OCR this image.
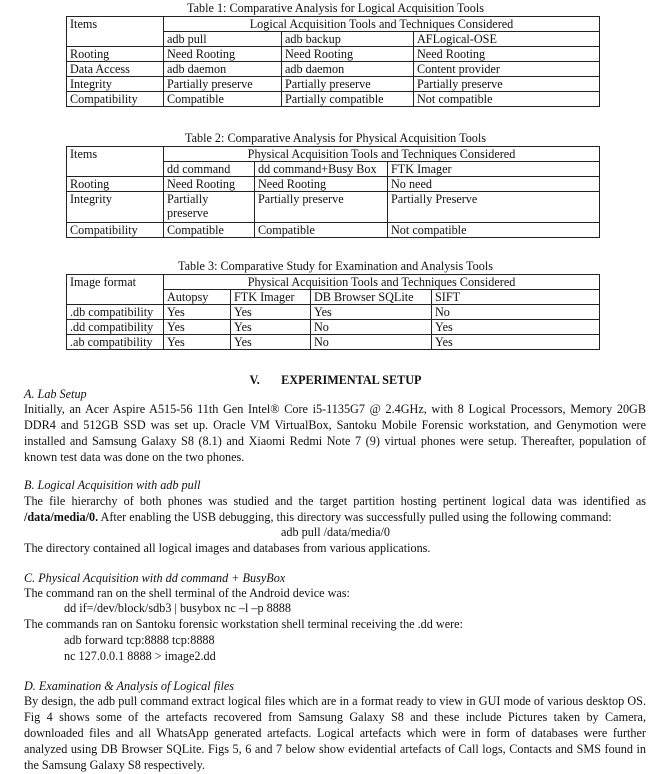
Table 1: Comparative Analysis for Logical Acquisition Tools
Items	Logical Acquisition Tools and Techniques Considered		
	adb pull	adb backup	AFLogical-OSE
Rooting	Need Rooting	Need Rooting	Need Rooting
Data Access	adb daemon	adb daemon	Content provider
Integrity	Partially preserve	Partially preserve	Partially preserve
Compatibility	Compatible	Partially compatible	Not compatible
Table 2: Comparative Analysis for Physical Acquisition Tools
Items	Physical Acquisition Tools and Techniques Considered		
	dd command	dd command+Busy Box	FTK Imager
Rooting	Need Rooting	Need Rooting	No need
Integrity	Partially preserve	Partially preserve	Partially Preserve
Compatibility	Compatible	Compatible	Not compatible
Table 3: Comparative Study for Examination and Analysis Tools
Image format	Physical Acquisition Tools and Techniques Considered			
	Autopsy	FTK Imager	DB Browser SQLite	SIFT
.db compatibility	Yes	Yes	Yes	No
.dd compatibility	Yes	Yes	No	Yes
.ab compatibility	Yes	Yes	No	Yes
V. EXPERIMENTAL SETUP
A. Lab Setup
Initially, an Acer Aspire A515-56 11th Gen Intel® Core i5-1135G7 @ 2.4GHz, with 8 Logical Processors, Memory 20GB DDR4 and 512GB SSD was set up. Oracle VM VirtualBox, Santoku Mobile Forensic workstation, and Genymotion were installed and Samsung Galaxy S8 (8.1) and Xiaomi Redmi Note 7 (9) virtual phones were setup. Thereafter, population of known test data was done on the two phones.
B. Logical Acquisition with adb pull
The file hierarchy of both phones was studied and the target partition hosting pertinent logical data was identified as /data/media/0. After enabling the USB debugging, this directory was successfully pulled using the following command:
adb pull /data/media/0
The directory contained all logical images and databases from various applications.
C. Physical Acquisition with dd command + BusyBox
The command ran on the shell terminal of the Android device was:
dd if=/dev/block/sdb3 | busybox nc –l –p 8888
The commands ran on Santoku forensic workstation shell terminal receiving the .dd were:
adb forward tcp:8888 tcp:8888
nc 127.0.0.1 8888 > image2.dd
D. Examination & Analysis of Logical files
By design, the adb pull command extract logical files which are in a format ready to view in GUI mode of various desktop OS. Fig 4 shows some of the artefacts recovered from Samsung Galaxy S8 and these include Pictures taken by Camera, downloaded files and all WhatsApp generated artefacts. Logical artefacts which were in form of databases were further analyzed using DB Browser SQLite. Figs 5, 6 and 7 below show evidential artefacts of Call logs, Contacts and SMS found in the Samsung Galaxy S8 respectively.
